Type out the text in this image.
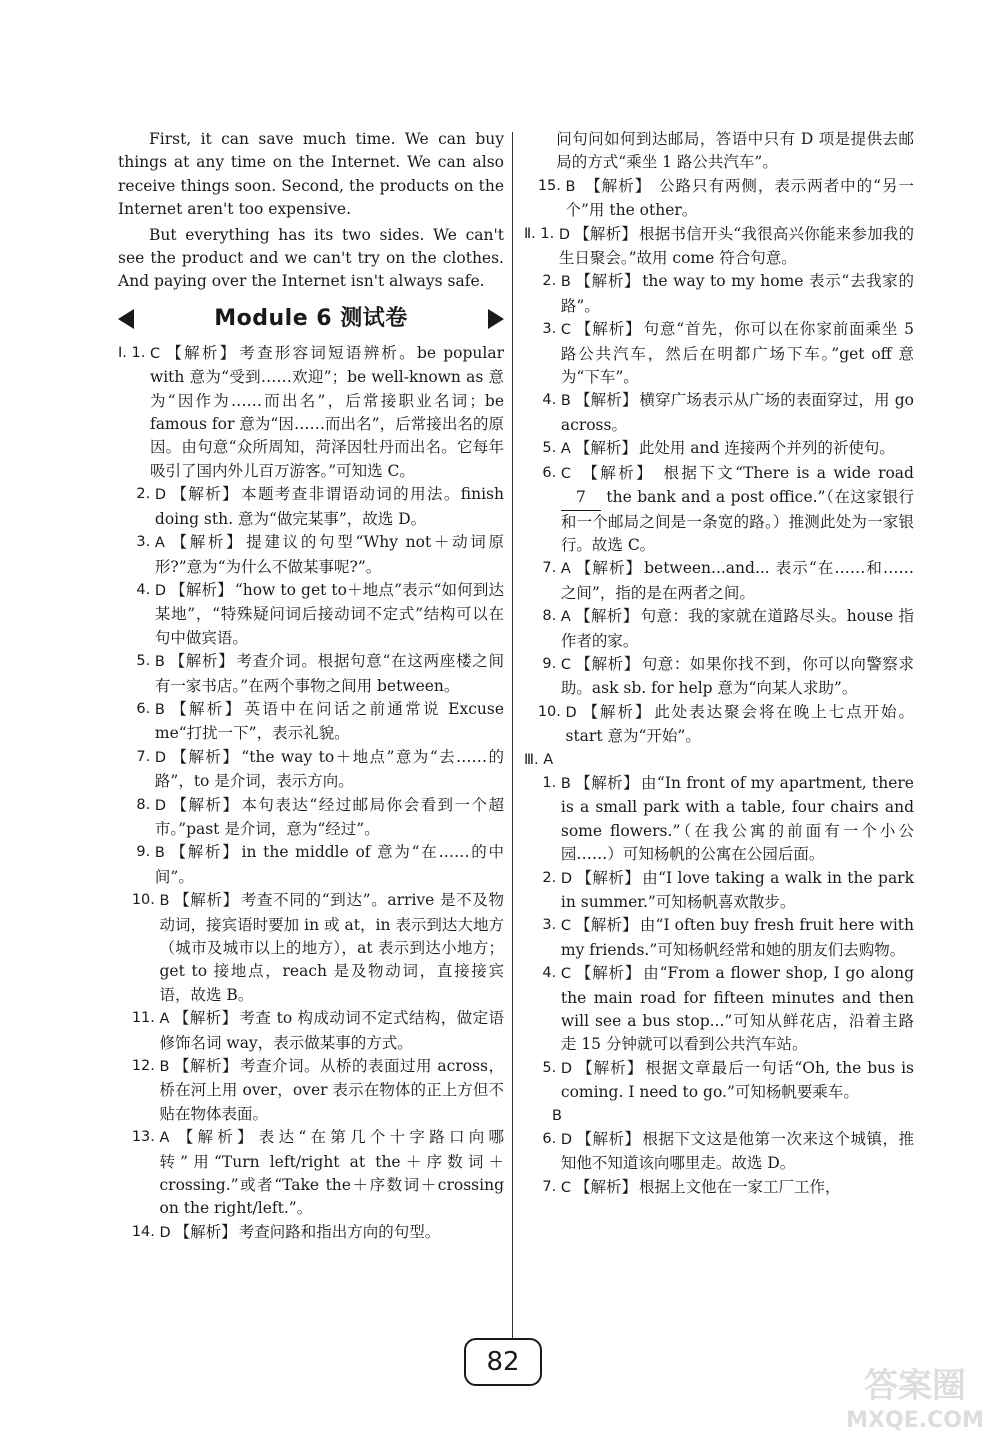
First, it can save much time. We can buy things at any time on the Internet. We can also receive things soon. Second, the products on the Internet aren't too expensive.

But everything has its two sides. We can't see the product and we can't try on the clothes. And paying over the Internet isn't always safe.

Module 6 测试卷
Ⅰ. 1. C 【解析】 考查形容词短语辨析。be popular with 意为“受到……欢迎”；be well-known as 意为“因作为……而出名”，后常接职业名词；be famous for 意为“因……而出名”，后常接出名的原因。由句意“众所周知，菏泽因牡丹而出名。它每年吸引了国内外儿百万游客。”可知选 C。
2. D 【解析】 本题考查非谓语动词的用法。finish doing sth. 意为“做完某事”，故选 D。
3. A 【解析】 提建议的句型“Why not＋动词原形?”意为“为什么不做某事呢?”。
4. D 【解析】 “how to get to＋地点”表示“如何到达某地”，“特殊疑问词后接动词不定式”结构可以在句中做宾语。
5. B 【解析】 考查介词。根据句意“在这两座楼之间有一家书店。”在两个事物之间用 between。
6. B 【解析】 英语中在问话之前通常说 Excuse me“打扰一下”，表示礼貌。
7. D 【解析】 “the way to＋地点”意为“去……的路”，to 是介词，表示方向。
8. D 【解析】 本句表达“经过邮局你会看到一个超市。”past 是介词，意为“经过”。
9. B 【解析】 in the middle of 意为“在……的中间”。
10. B 【解析】 考查不同的“到达”。arrive 是不及物动词，接宾语时要加 in 或 at，in 表示到达大地方（城市及城市以上的地方），at 表示到达小地方；get to 接地点，reach 是及物动词，直接接宾语，故选 B。
11. A 【解析】 考查 to 构成动词不定式结构，做定语修饰名词 way，表示做某事的方式。
12. B 【解析】 考查介词。从桥的表面过用 across，桥在河上用 over，over 表示在物体的正上方但不贴在物体表面。
13. A 【解析】 表达“在第几个十字路口向哪转”用“Turn left/right at the＋序数词＋crossing.”或者“Take the＋序数词＋crossing on the right/left.”。
14. D 【解析】 考查问路和指出方向的句型。

问句问如何到达邮局，答语中只有 D 项是提供去邮局的方式“乘坐 1 路公共汽车”。
15. B 【解析】 公路只有两侧，表示两者中的“另一个”用 the other。
Ⅱ. 1. D 【解析】 根据书信开头“我很高兴你能来参加我的生日聚会。”故用 come 符合句意。
2. B 【解析】 the way to my home 表示“去我家的路”。
3. C 【解析】 句意“首先，你可以在你家前面乘坐 5 路公共汽车，然后在明都广场下车。”get off 意为“下车”。
4. B 【解析】 横穿广场表示从广场的表面穿过，用 go across。
5. A 【解析】 此处用 and 连接两个并列的祈使句。
6. C 【解析】 根据下文“There is a wide road 7 the bank and a post office.”（在这家银行和一个邮局之间是一条宽的路。）推测此处为一家银行。故选 C。
7. A 【解析】 between...and... 表示“在……和……之间”，指的是在两者之间。
8. A 【解析】 句意：我的家就在道路尽头。house 指作者的家。
9. C 【解析】 句意：如果你找不到，你可以向警察求助。ask sb. for help 意为“向某人求助”。
10. D 【解析】 此处表达聚会将在晚上七点开始。start 意为“开始”。
Ⅲ. A
1. B 【解析】 由“In front of my apartment, there is a small park with a table, four chairs and some flowers.”（在我公寓的前面有一个小公园……）可知杨帆的公寓在公园后面。
2. D 【解析】 由“I love taking a walk in the park in summer.”可知杨帆喜欢散步。
3. C 【解析】 由“I often buy fresh fruit here with my friends.”可知杨帆经常和她的朋友们去购物。
4. C 【解析】 由“From a flower shop, I go along the main road for fifteen minutes and then will see a bus stop...”可知从鲜花店，沿着主路走 15 分钟就可以看到公共汽车站。
5. D 【解析】 根据文章最后一句话“Oh, the bus is coming. I need to go.”可知杨帆要乘车。
B
6. D 【解析】 根据下文这是他第一次来这个城镇，推知他不知道该向哪里走。故选 D。
7. C 【解析】 根据上文他在一家工厂工作，
82
答案圈
MXQE.COM
